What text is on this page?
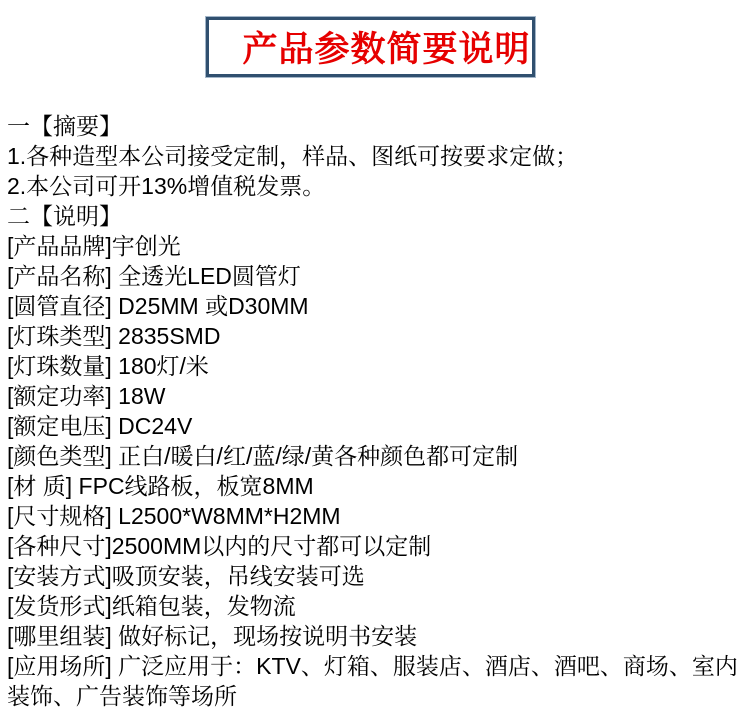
产品参数简要说明
一【摘要】
1.各种造型本公司接受定制，样品、图纸可按要求定做；
2.本公司可开13%增值税发票。
二【说明】
[产品品牌]宇创光
[产品名称] 全透光LED圆管灯
[圆管直径] D25MM 或D30MM
[灯珠类型] 2835SMD
[灯珠数量] 180灯/米
[额定功率] 18W
[额定电压] DC24V
[颜色类型] 正白/暖白/红/蓝/绿/黄各种颜色都可定制
[材 质] FPC线路板，板宽8MM
[尺寸规格] L2500*W8MM*H2MM
[各种尺寸]2500MM以内的尺寸都可以定制
[安装方式]吸顶安装，吊线安装可选
[发货形式]纸箱包装，发物流
[哪里组装] 做好标记，现场按说明书安装
[应用场所] 广泛应用于：KTV、灯箱、服装店、酒店、酒吧、商场、室内装饰、广告装饰等场所
